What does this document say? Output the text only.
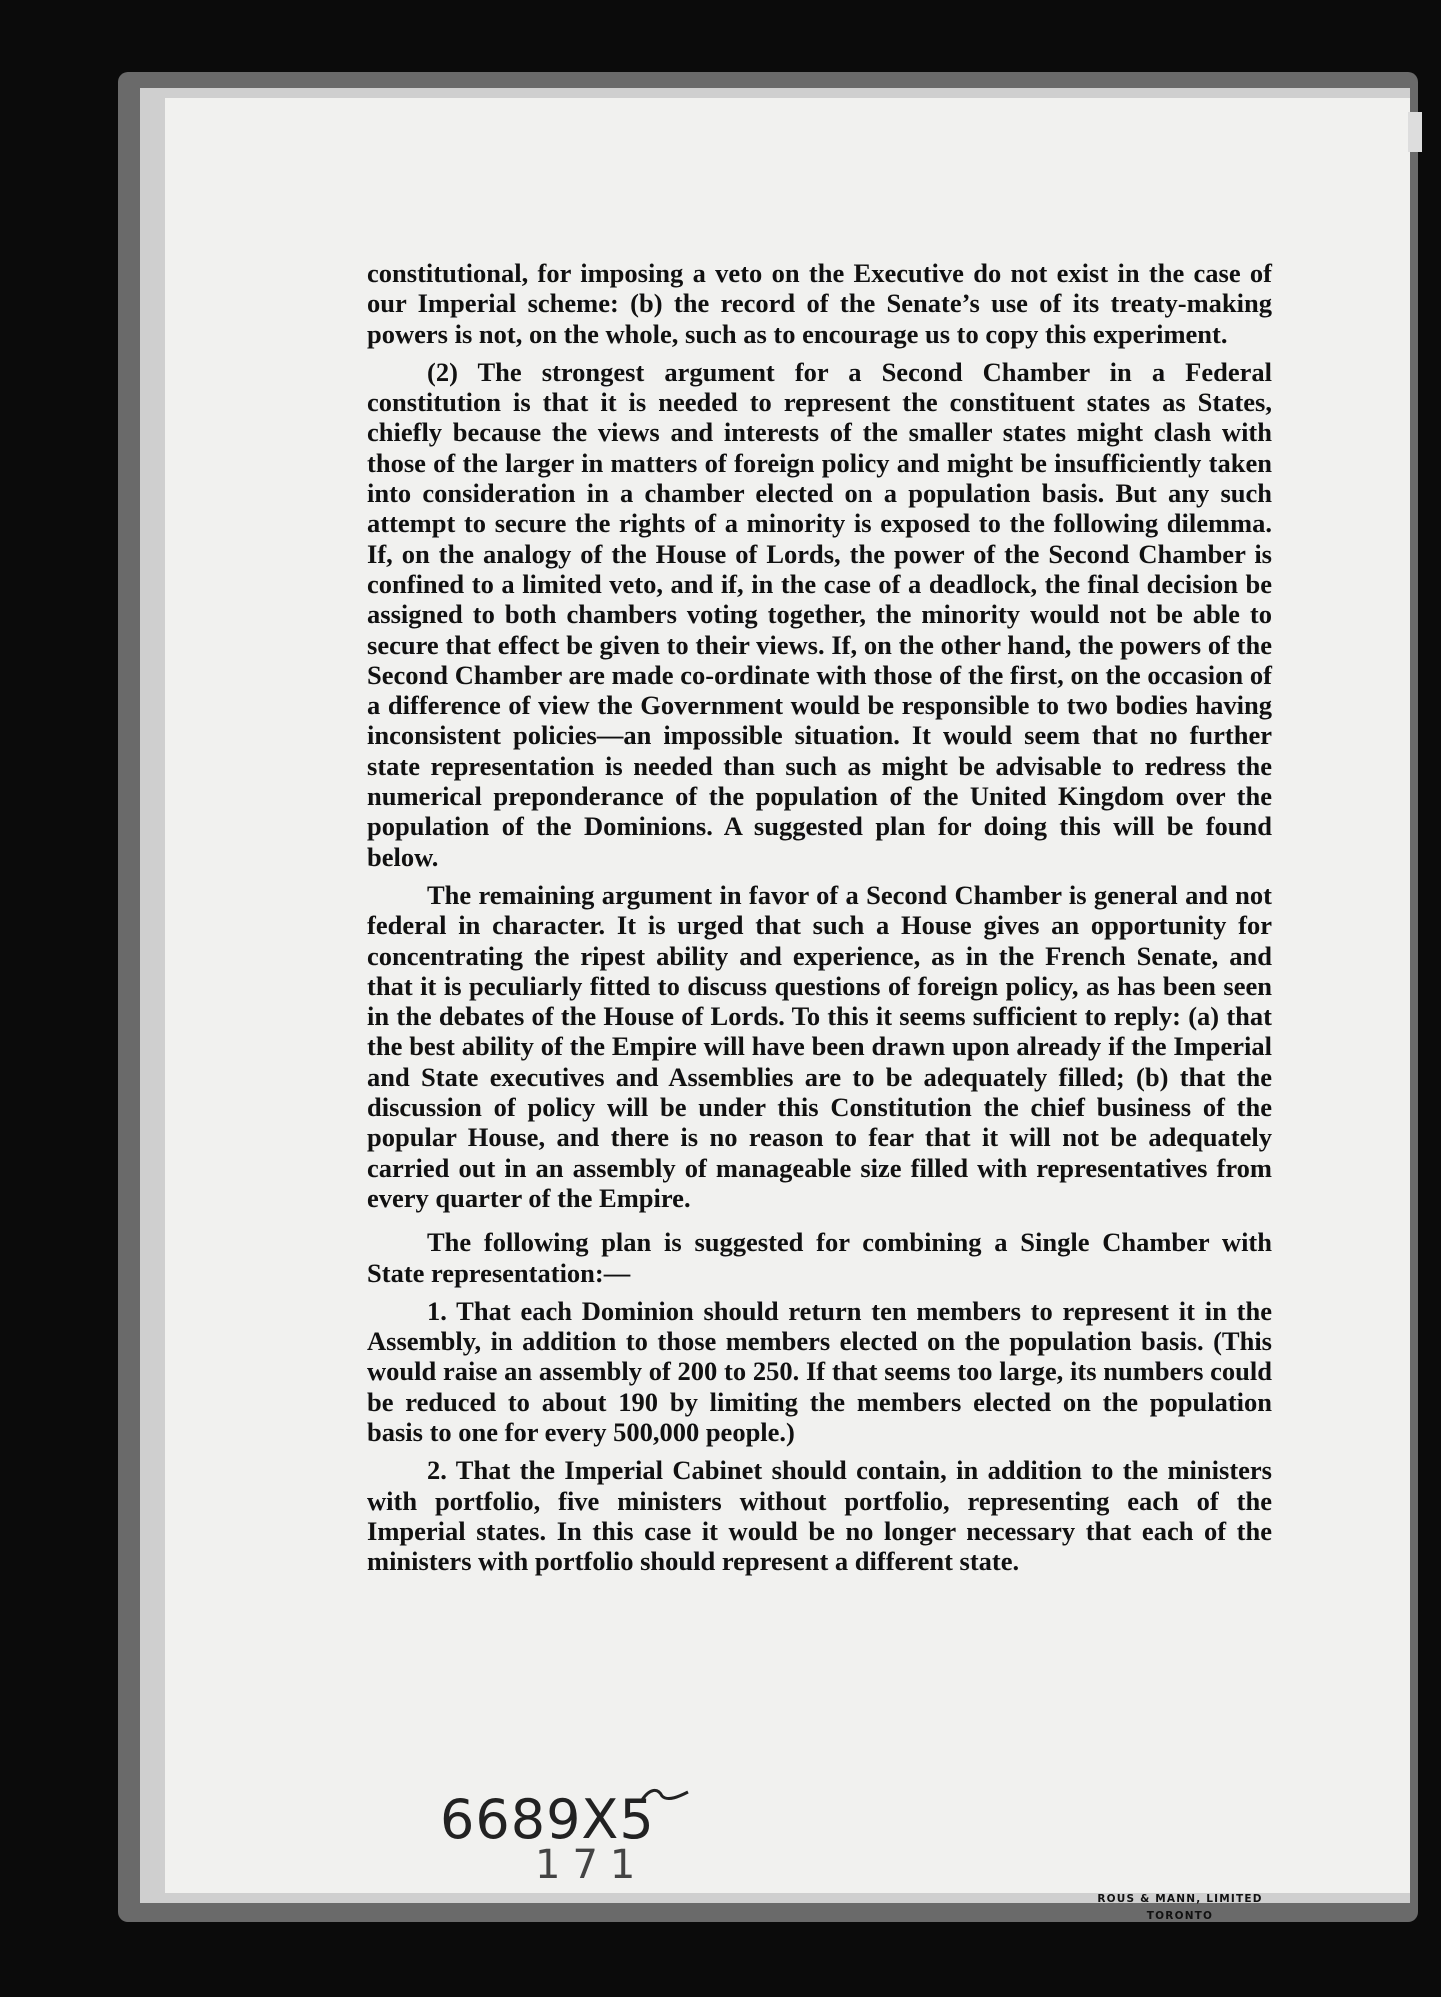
constitutional, for imposing a veto on the Executive do not exist in the case of our Imperial scheme: (b) the record of the Senate’s use of its treaty-making powers is not, on the whole, such as to encourage us to copy this experiment.

(2) The strongest argument for a Second Chamber in a Federal constitution is that it is needed to represent the constituent states as States, chiefly because the views and interests of the smaller states might clash with those of the larger in matters of foreign policy and might be insufficiently taken into consideration in a chamber elected on a population basis. But any such attempt to secure the rights of a minority is exposed to the following dilemma. If, on the analogy of the House of Lords, the power of the Second Chamber is confined to a limited veto, and if, in the case of a deadlock, the final decision be assigned to both chambers voting together, the minority would not be able to secure that effect be given to their views. If, on the other hand, the powers of the Second Chamber are made co-ordinate with those of the first, on the occasion of a difference of view the Government would be responsible to two bodies having inconsistent policies—an impossible situation. It would seem that no further state representation is needed than such as might be advisable to redress the numerical preponderance of the population of the United Kingdom over the population of the Dominions. A suggested plan for doing this will be found below.

The remaining argument in favor of a Second Chamber is general and not federal in character. It is urged that such a House gives an opportunity for concentrating the ripest ability and experience, as in the French Senate, and that it is peculiarly fitted to discuss questions of foreign policy, as has been seen in the debates of the House of Lords. To this it seems sufficient to reply: (a) that the best ability of the Empire will have been drawn upon already if the Imperial and State executives and Assemblies are to be adequately filled; (b) that the discussion of policy will be under this Constitution the chief business of the popular House, and there is no reason to fear that it will not be adequately carried out in an assembly of manageable size filled with representatives from every quarter of the Empire.

The following plan is suggested for combining a Single Chamber with State representation:—

1. That each Dominion should return ten members to represent it in the Assembly, in addition to those members elected on the population basis. (This would raise an assembly of 200 to 250. If that seems too large, its numbers could be reduced to about 190 by limiting the members elected on the population basis to one for every 500,000 people.)

2. That the Imperial Cabinet should contain, in addition to the ministers with portfolio, five ministers without portfolio, representing each of the Imperial states. In this case it would be no longer necessary that each of the ministers with portfolio should represent a different state.

6689X5
171
ROUS & MANN, LIMITED
TORONTO
